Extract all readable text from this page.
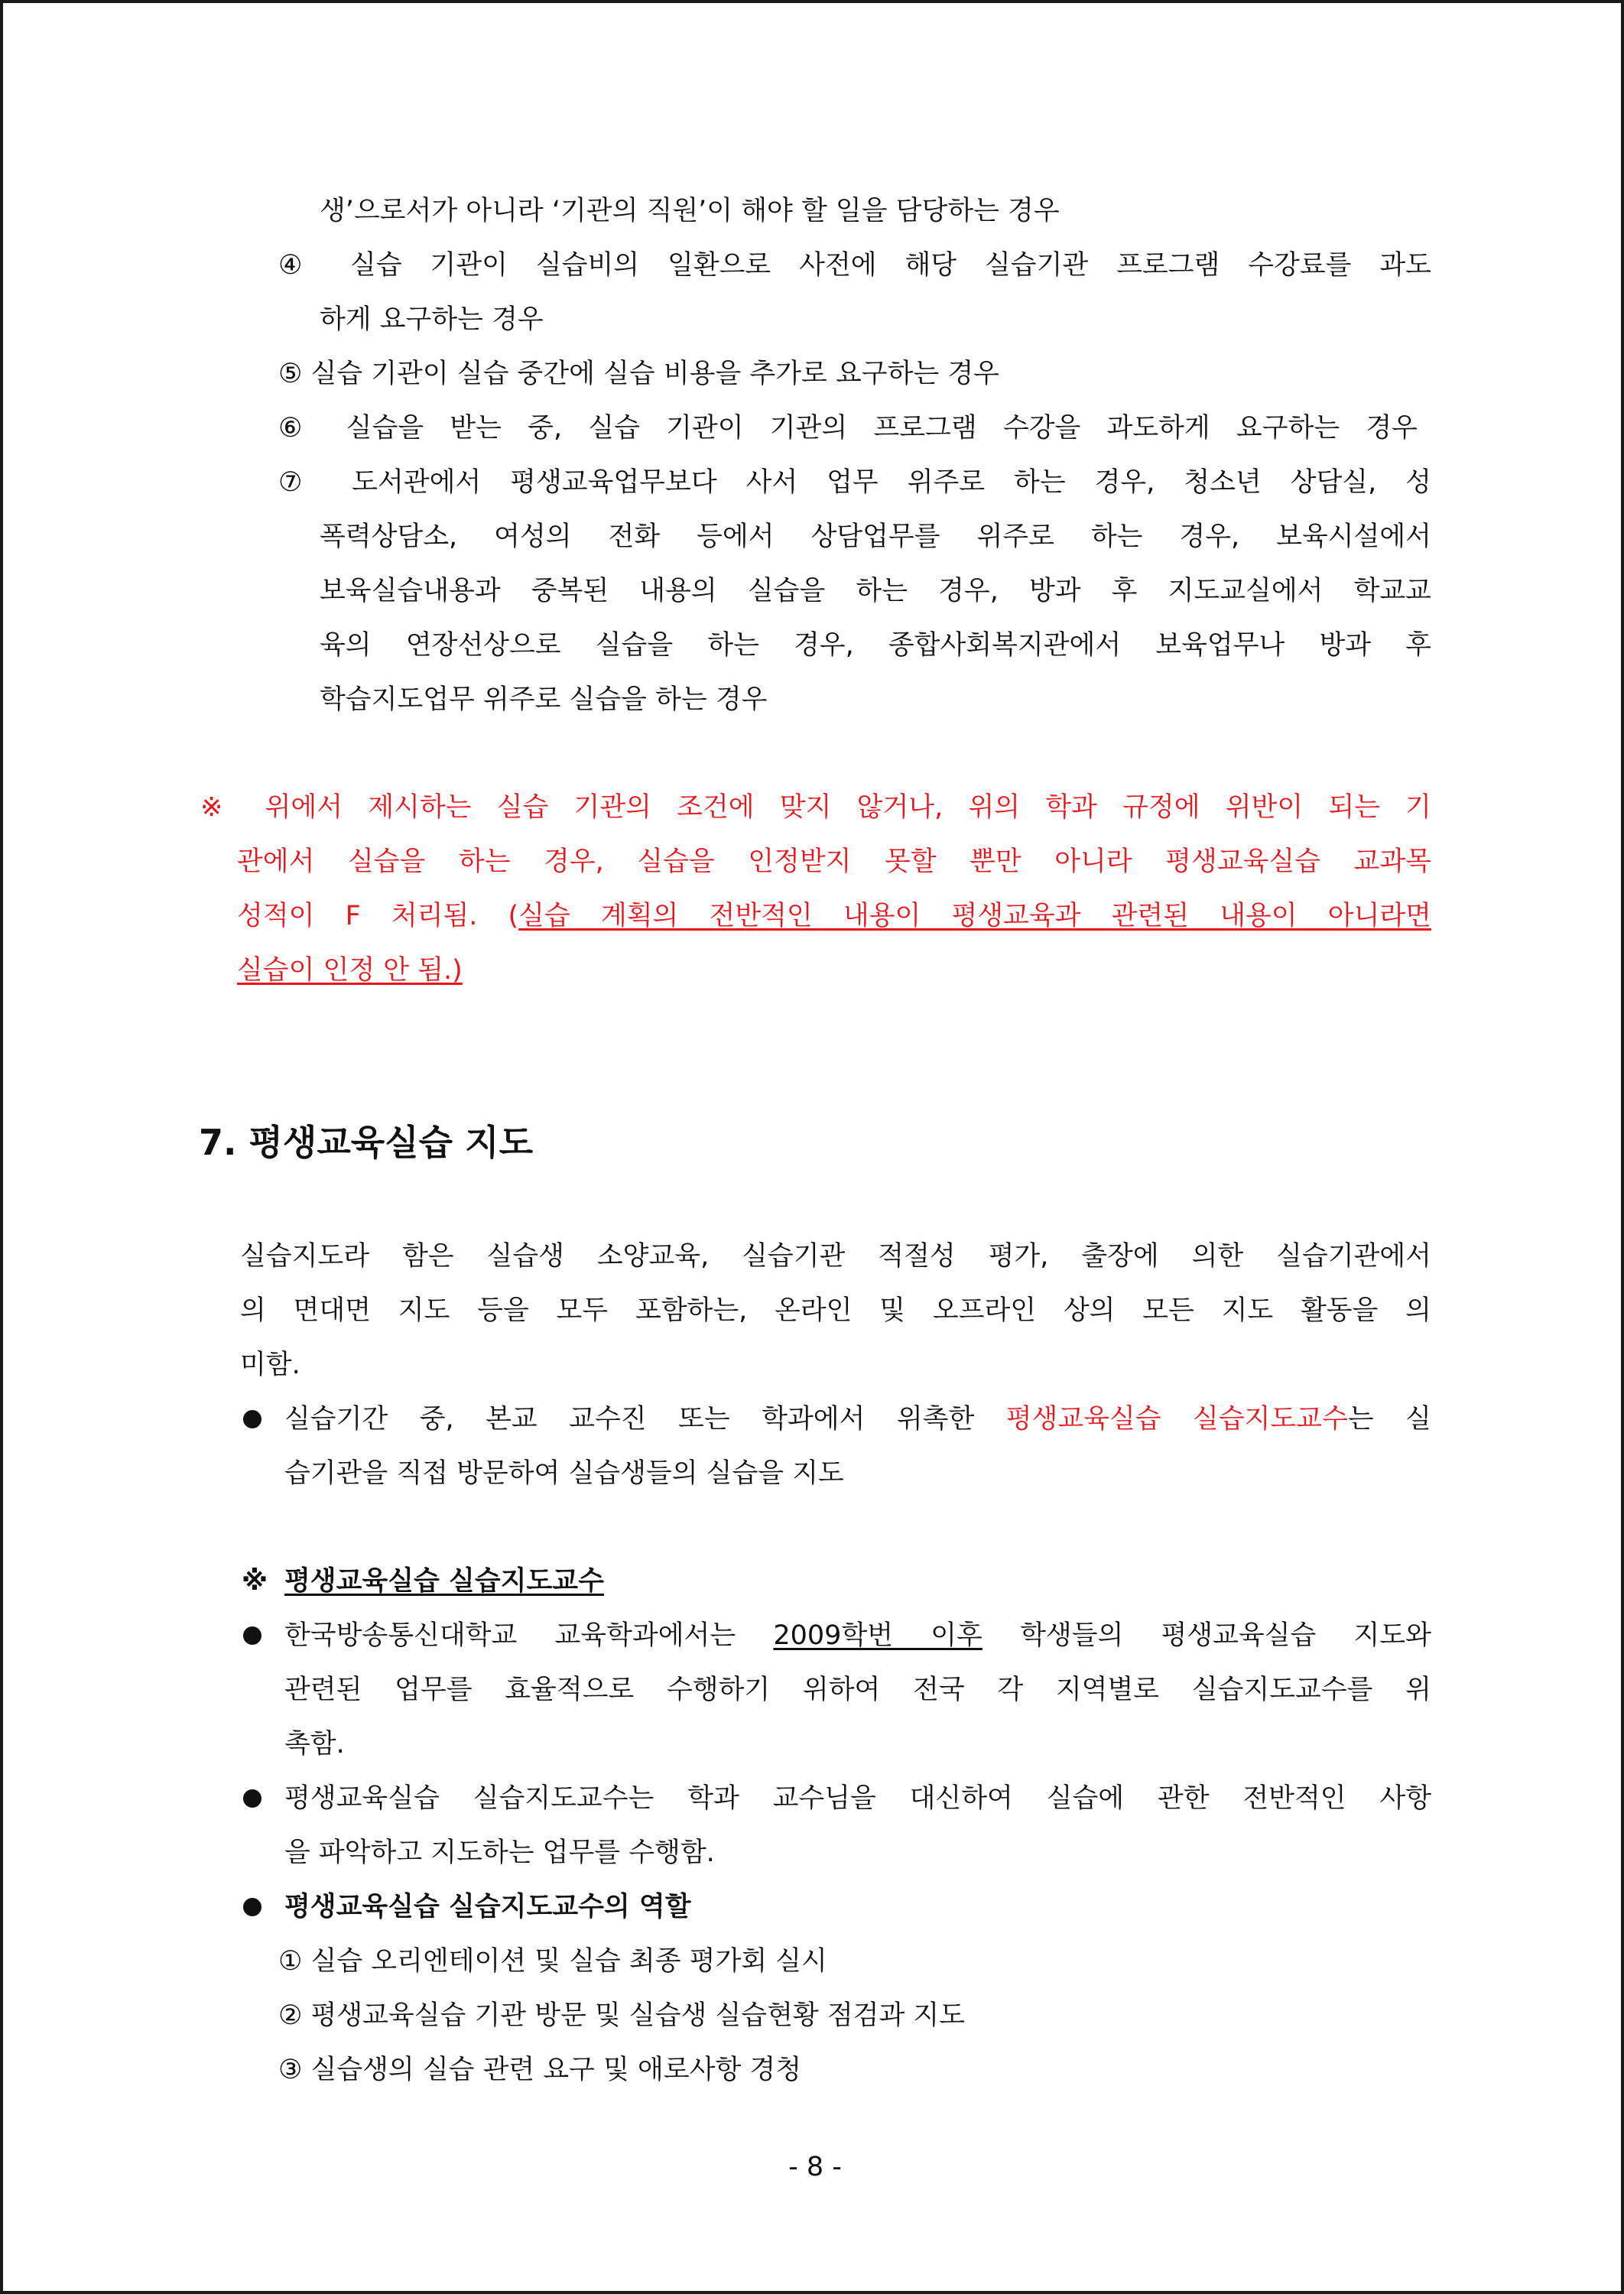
생’으로서가 아니라 ‘기관의 직원’이 해야 할 일을 담당하는 경우

④ 실습 기관이 실습비의 일환으로 사전에 해당 실습기관 프로그램 수강료를 과도

하게 요구하는 경우

⑤ 실습 기관이 실습 중간에 실습 비용을 추가로 요구하는 경우

⑥ 실습을 받는 중, 실습 기관이 기관의 프로그램 수강을 과도하게 요구하는 경우

⑦ 도서관에서 평생교육업무보다 사서 업무 위주로 하는 경우, 청소년 상담실, 성

폭력상담소, 여성의 전화 등에서 상담업무를 위주로 하는 경우, 보육시설에서

보육실습내용과 중복된 내용의 실습을 하는 경우, 방과 후 지도교실에서 학교교

육의 연장선상으로 실습을 하는 경우, 종합사회복지관에서 보육업무나 방과 후

학습지도업무 위주로 실습을 하는 경우

※ 위에서 제시하는 실습 기관의 조건에 맞지 않거나, 위의 학과 규정에 위반이 되는 기

관에서 실습을 하는 경우, 실습을 인정받지 못할 뿐만 아니라 평생교육실습 교과목

성적이 F 처리됨. (실습 계획의 전반적인 내용이 평생교육과 관련된 내용이 아니라면

실습이 인정 안 됨.)

7. 평생교육실습 지도

실습지도라 함은 실습생 소양교육, 실습기관 적절성 평가, 출장에 의한 실습기관에서

의 면대면 지도 등을 모두 포함하는, 온라인 및 오프라인 상의 모든 지도 활동을 의

미함.

실습기간 중, 본교 교수진 또는 학과에서 위촉한 평생교육실습 실습지도교수는 실

습기관을 직접 방문하여 실습생들의 실습을 지도

※ 평생교육실습 실습지도교수

한국방송통신대학교 교육학과에서는 2009학번 이후 학생들의 평생교육실습 지도와

관련된 업무를 효율적으로 수행하기 위하여 전국 각 지역별로 실습지도교수를 위

촉함.

평생교육실습 실습지도교수는 학과 교수님을 대신하여 실습에 관한 전반적인 사항

을 파악하고 지도하는 업무를 수행함.

평생교육실습 실습지도교수의 역할

① 실습 오리엔테이션 및 실습 최종 평가회 실시

② 평생교육실습 기관 방문 및 실습생 실습현황 점검과 지도

③ 실습생의 실습 관련 요구 및 애로사항 경청

- 8 -
